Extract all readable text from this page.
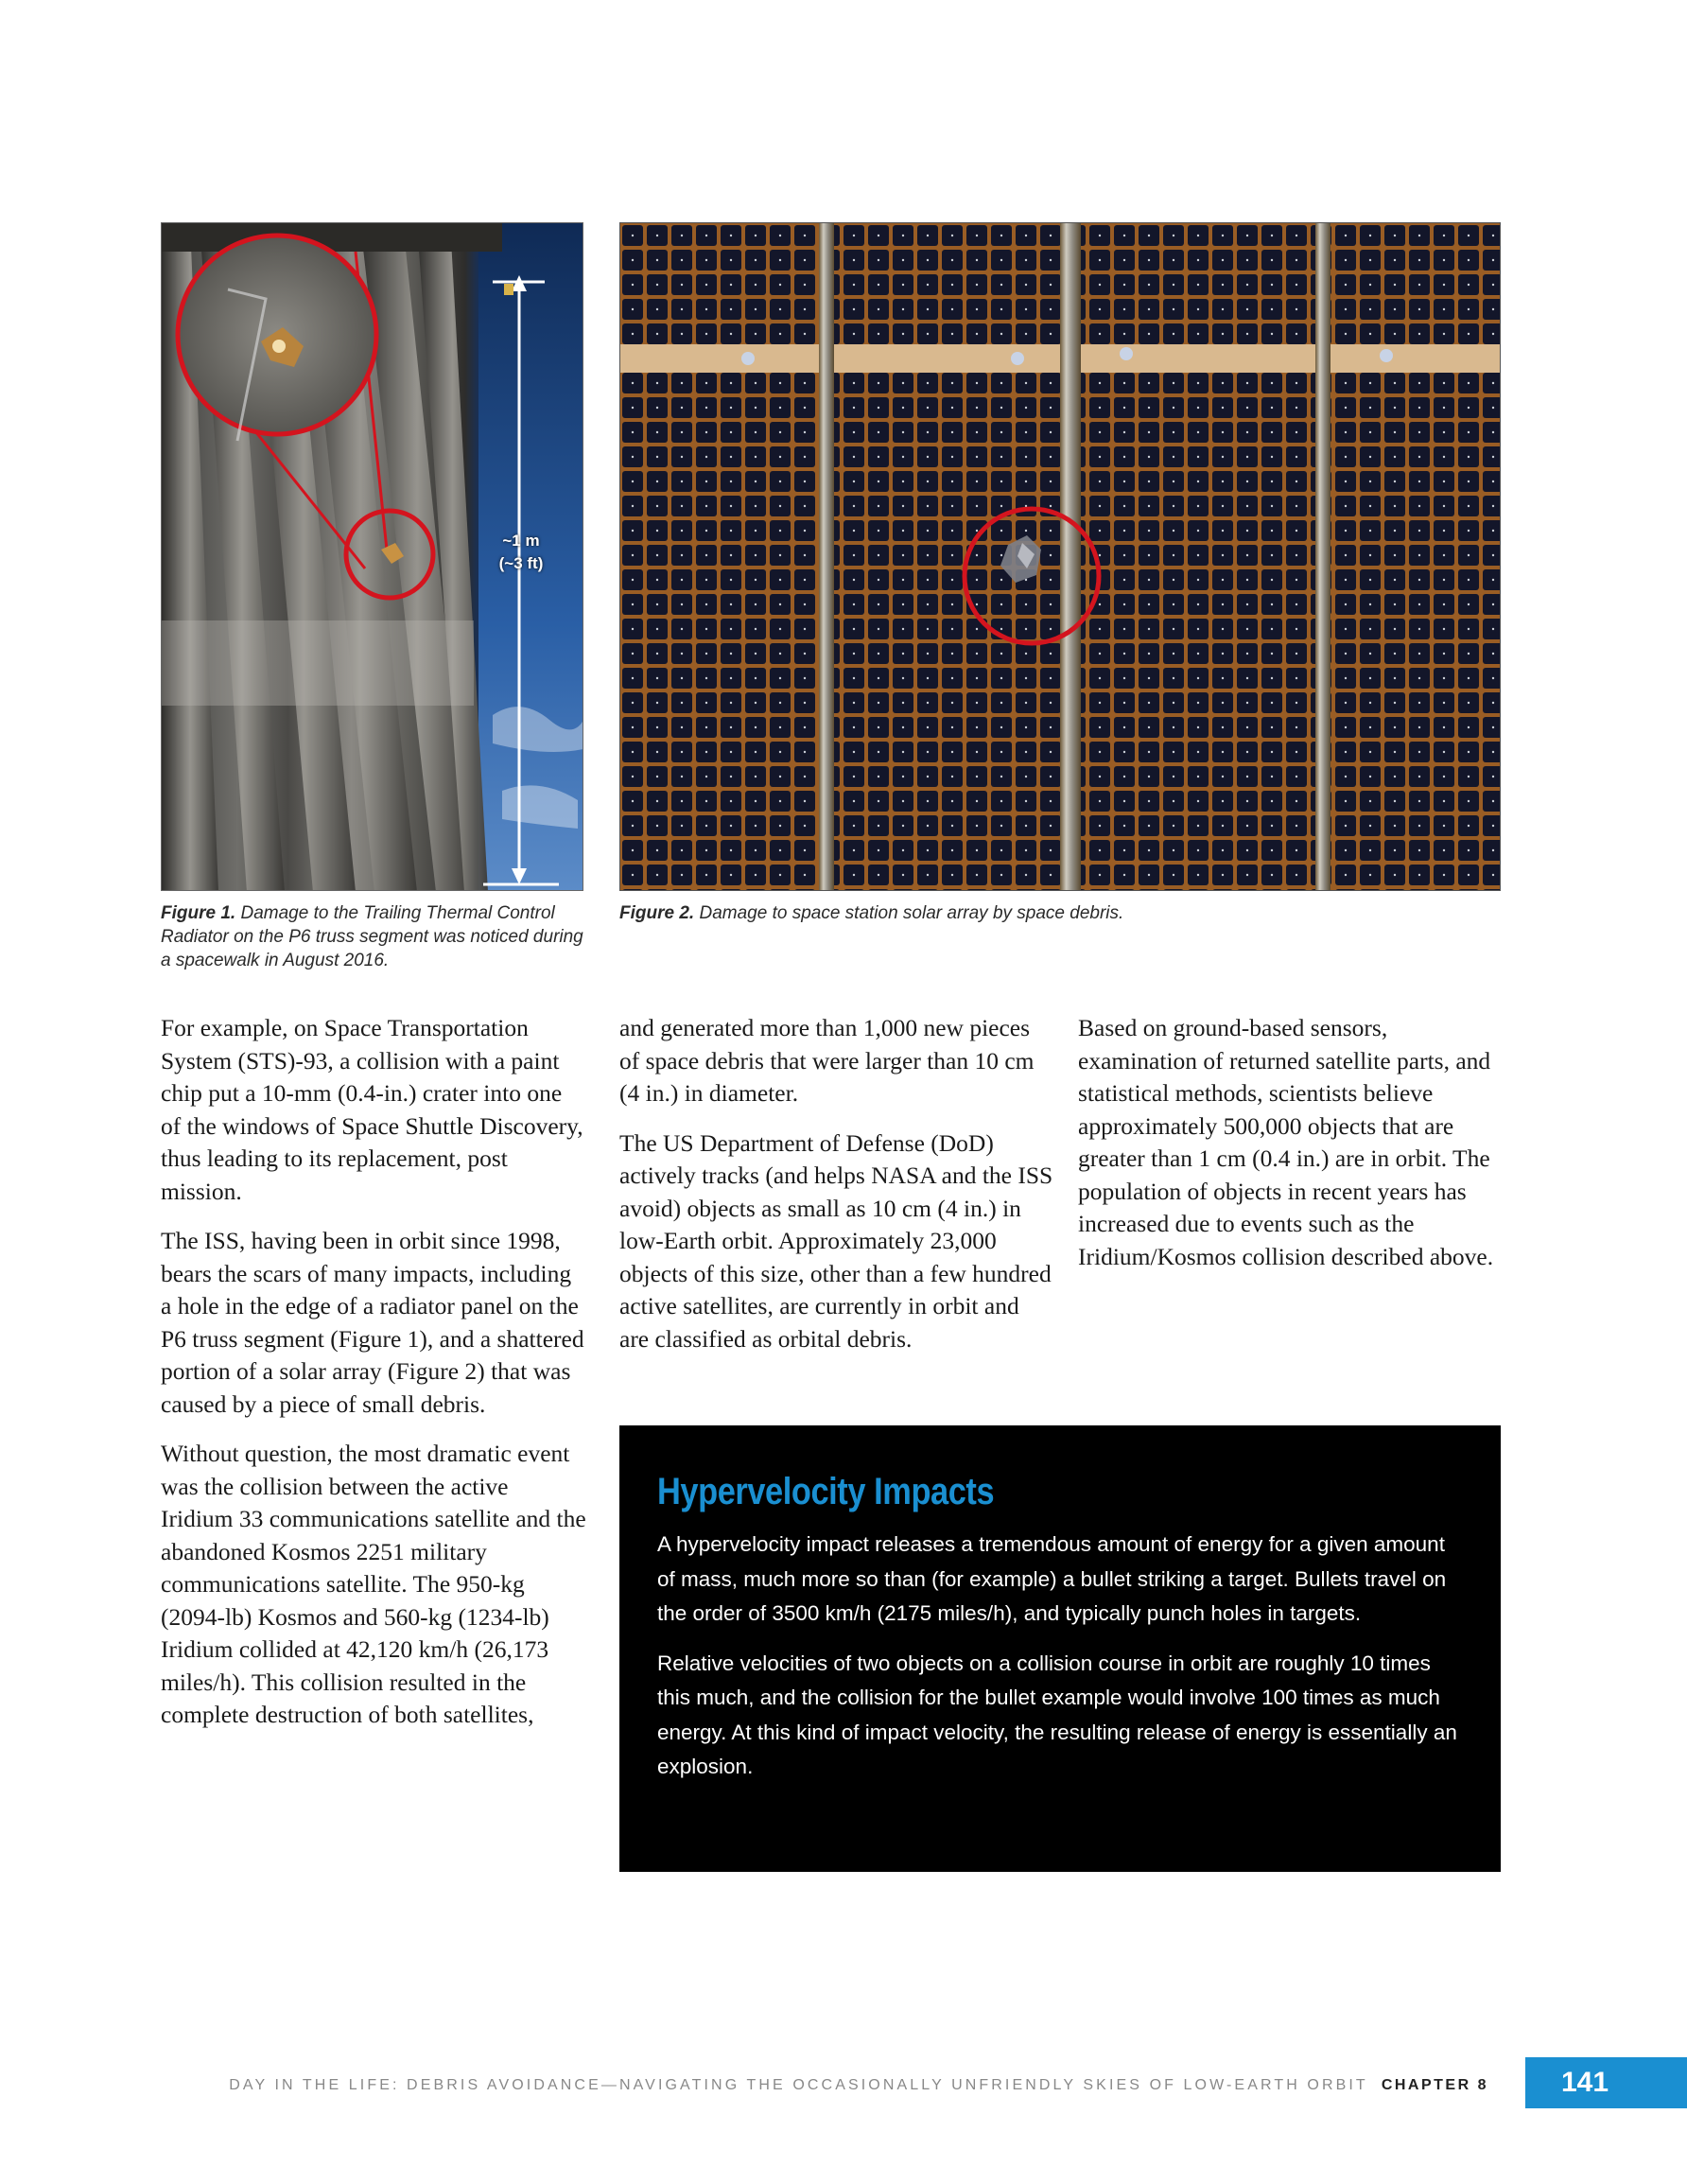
~1 m
(~3 ft)
Figure 1. Damage to the Trailing Thermal Control Radiator on the P6 truss segment was noticed during a spacewalk in August 2016.
Figure 2. Damage to space station solar array by space debris.

For example, on Space Transportation System (STS)-93, a collision with a paint chip put a 10-mm (0.4-in.) crater into one of the windows of Space Shuttle Discovery, thus leading to its replacement, post mission.

The ISS, having been in orbit since 1998, bears the scars of many impacts, including a hole in the edge of a radiator panel on the P6 truss segment (Figure 1), and a shattered portion of a solar array (Figure 2) that was caused by a piece of small debris.

Without question, the most dramatic event was the collision between the active Iridium 33 communications satellite and the abandoned Kosmos 2251 military communications satellite. The 950-kg (2094-lb) Kosmos and 560-kg (1234-lb) Iridium collided at 42,120 km/h (26,173 miles/h). This collision resulted in the complete destruction of both satellites,

and generated more than 1,000 new pieces of space debris that were larger than 10 cm (4 in.) in diameter.

The US Department of Defense (DoD) actively tracks (and helps NASA and the ISS avoid) objects as small as 10 cm (4 in.) in low-Earth orbit. Approximately 23,000 objects of this size, other than a few hundred active satellites, are currently in orbit and are classified as orbital debris.

Based on ground-based sensors, examination of returned satellite parts, and statistical methods, scientists believe approximately 500,000 objects that are greater than 1 cm (0.4 in.) are in orbit. The population of objects in recent years has increased due to events such as the Iridium/Kosmos collision described above.

Hypervelocity Impacts

A hypervelocity impact releases a tremendous amount of energy for a given amount of mass, much more so than (for example) a bullet striking a target. Bullets travel on the order of 3500 km/h (2175 miles/h), and typically punch holes in targets.

Relative velocities of two objects on a collision course in orbit are roughly 10 times this much, and the collision for the bullet example would involve 100 times as much energy. At this kind of impact velocity, the resulting release of energy is essentially an explosion.

DAY IN THE LIFE: DEBRIS AVOIDANCE—NAVIGATING THE OCCASIONALLY UNFRIENDLY SKIES OF LOW-EARTH ORBIT CHAPTER 8	141
